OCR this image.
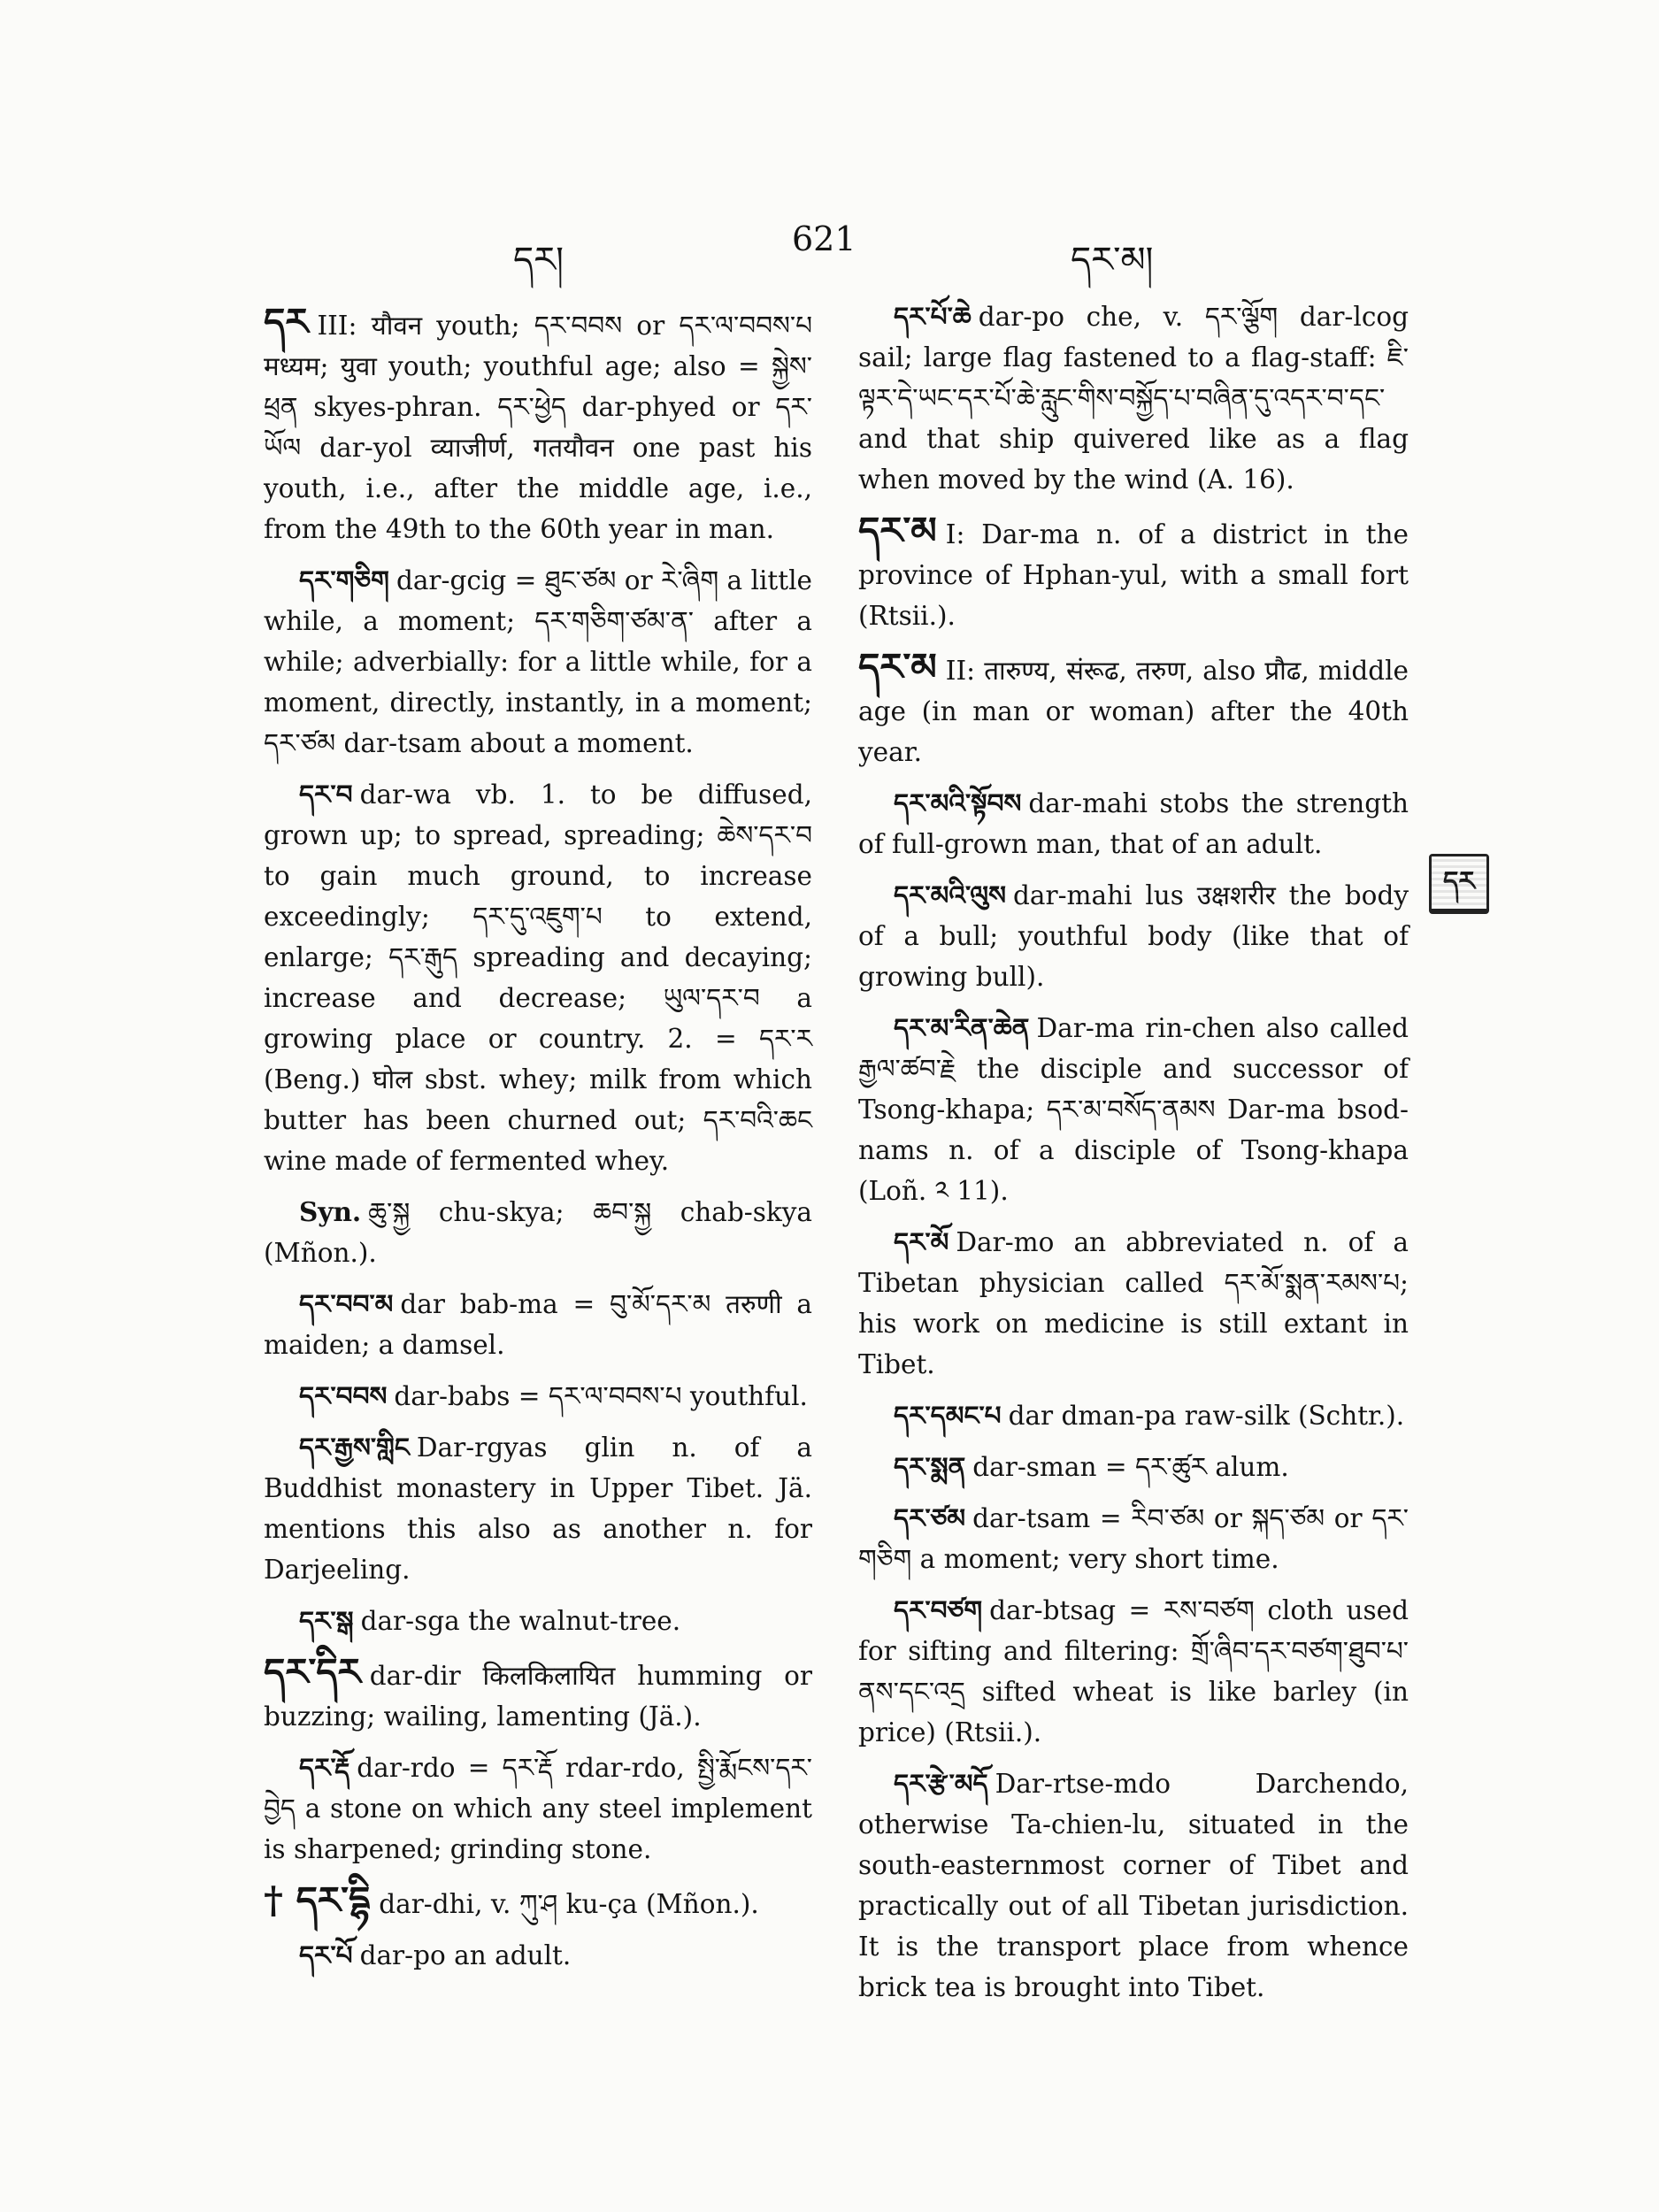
དར།
621
དར་མ།

དར III: यौवन youth; དར་བབས or དར་ལ་བབས་པ मध्यम; युवा youth; youthful age; also = སྐྱེས་ཕྲན skyes-phran. དར་ཕྱེད dar-phyed or དར་ཡོལ dar-yol व्याजीर्ण, गतयौवन one past his youth, i.e., after the middle age, i.e., from the 49th to the 60th year in man.

དར་གཅིག dar-gcig = ཐུང་ཙམ or རེ་ཞིག a little while, a moment; དར་གཅིག་ཙམ་ན་ after a while; adverbially: for a little while, for a moment, directly, instantly, in a moment; དར་ཙམ dar-tsam about a moment.

དར་བ dar-wa vb. 1. to be diffused, grown up; to spread, spreading; ཆེས་དར་བ to gain much ground, to increase exceedingly; དར་དུ་འཇུག་པ to extend, enlarge; དར་རྒུད spreading and decaying; increase and decrease; ཡུལ་དར་བ a growing place or country. 2. = དར་ར (Beng.) घोल sbst. whey; milk from which butter has been churned out; དར་བའི་ཆང wine made of fermented whey.

Syn. ཆུ་སྐྱ chu-skya; ཆབ་སྐྱ chab-skya (Mñon.).

དར་བབ་མ dar bab-ma = བུ་མོ་དར་མ तरुणी a maiden; a damsel.

དར་བབས dar-babs = དར་ལ་བབས་པ youthful.

དར་རྒྱས་གླིང Dar-rgyas glin n. of a Buddhist monastery in Upper Tibet. Jä. mentions this also as another n. for Darjeeling.

དར་སྒ dar-sga the walnut-tree.

དར་དིར dar-dir किलकिलायित humming or buzzing; wailing, lamenting (Jä.).

དར་རྡོ dar-rdo = དར་རྡོ rdar-rdo, སྤྱི་རྨོངས་དར་བྱེད a stone on which any steel implement is sharpened; grinding stone.

† དར་དྷི dar-dhi, v. ཀུ་ཤ ku-ça (Mñon.).

དར་པོ dar-po an adult.

དར་པོ་ཆེ dar-po che, v. དར་ལྕོག dar-lcog sail; large flag fastened to a flag-staff: ཇི་ལྟར་དེ་ཡང་དར་པོ་ཆེ་རླུང་གིས་བསྐྱོད་པ་བཞིན་དུ་འདར་བ་དང་ and that ship quivered like as a flag when moved by the wind (A. 16).

དར་མ I: Dar-ma n. of a district in the province of Hphan-yul, with a small fort (Rtsii.).

དར་མ II: तारुण्य, संरूढ, तरुण, also प्रौढ, middle age (in man or woman) after the 40th year.

དར་མའི་སྟོབས dar-mahi stobs the strength of full-grown man, that of an adult.

དར་མའི་ལུས dar-mahi lus उक्षशरीर the body of a bull; youthful body (like that of growing bull).

དར་མ་རིན་ཆེན Dar-ma rin-chen also called རྒྱལ་ཚབ་རྗེ the disciple and successor of Tsong-khapa; དར་མ་བསོད་ནམས Dar-ma bsod-nams n. of a disciple of Tsong-khapa (Loñ. ༢ 11).

དར་མོ Dar-mo an abbreviated n. of a Tibetan physician called དར་མོ་སྨན་རམས་པ; his work on medicine is still extant in Tibet.

དར་དམང་པ dar dman-pa raw-silk (Schtr.).

དར་སྨན dar-sman = དར་ཚུར alum.

དར་ཙམ dar-tsam = རིབ་ཙམ or སྐད་ཙམ or དར་གཅིག a moment; very short time.

དར་བཙག dar-btsag = རས་བཙག cloth used for sifting and filtering: གྲོ་ཞིབ་དར་བཙག་ཐུབ་པ་ནས་དང་འདྲ sifted wheat is like barley (in price) (Rtsii.).

དར་རྩེ་མདོ Dar-rtse-mdo Darchendo, otherwise Ta-chien-lu, situated in the south-easternmost corner of Tibet and practically out of all Tibetan jurisdiction. It is the transport place from whence brick tea is brought into Tibet.

དར
